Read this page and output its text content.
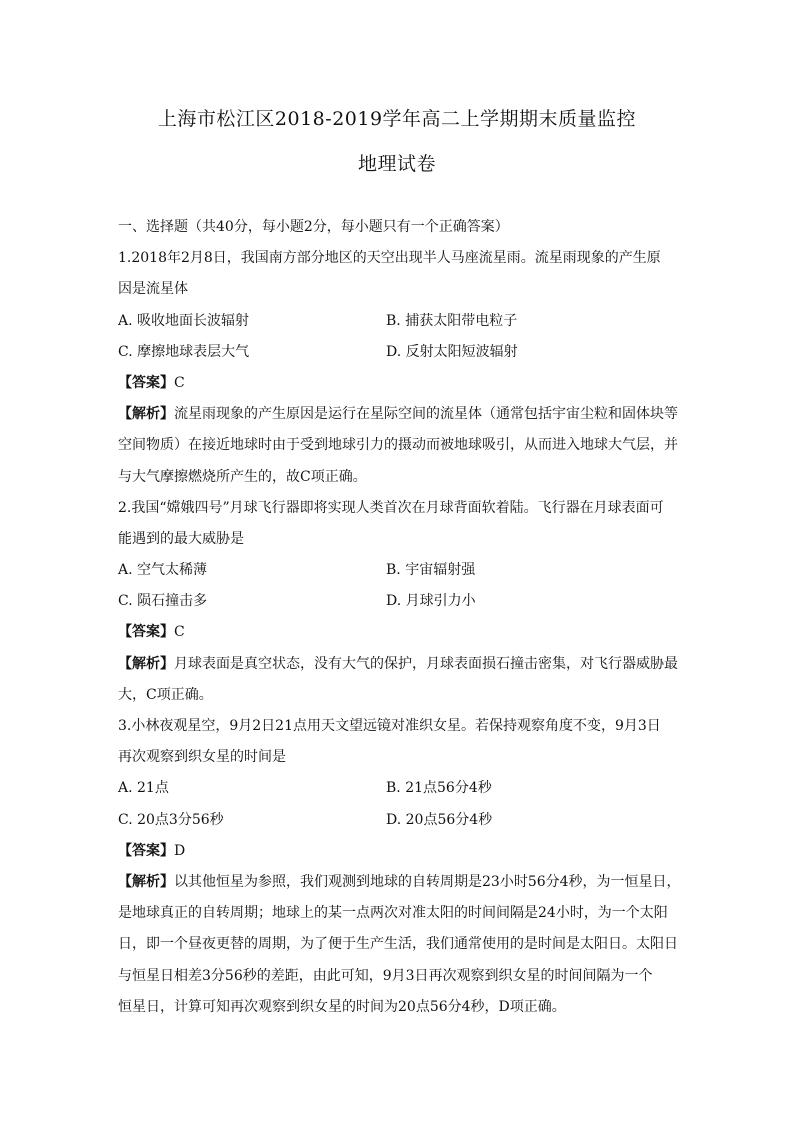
上海市松江区2018-2019学年高二上学期期末质量监控
地理试卷
一、选择题（共40分，每小题2分，每小题只有一个正确答案）
1.2018年2月8日，我国南方部分地区的天空出现半人马座流星雨。流星雨现象的产生原
因是流星体
A. 吸收地面长波辐射	B. 捕获太阳带电粒子
C. 摩擦地球表层大气	D. 反射太阳短波辐射
【答案】C
【解析】流星雨现象的产生原因是运行在星际空间的流星体（通常包括宇宙尘粒和固体块等
空间物质）在接近地球时由于受到地球引力的摄动而被地球吸引，从而进入地球大气层，并
与大气摩擦燃烧所产生的，故C项正确。
2.我国“嫦娥四号”月球飞行器即将实现人类首次在月球背面软着陆。飞行器在月球表面可
能遇到的最大威胁是
A. 空气太稀薄	B. 宇宙辐射强
C. 陨石撞击多	D. 月球引力小
【答案】C
【解析】月球表面是真空状态，没有大气的保护，月球表面损石撞击密集，对飞行器威胁最
大，C项正确。
3.小林夜观星空，9月2日21点用天文望远镜对准织女星。若保持观察角度不变，9月3日
再次观察到织女星的时间是
A. 21点	B. 21点56分4秒
C. 20点3分56秒	D. 20点56分4秒
【答案】D
【解析】以其他恒星为参照，我们观测到地球的自转周期是23小时56分4秒，为一恒星日，
是地球真正的自转周期；地球上的某一点两次对准太阳的时间间隔是24小时，为一个太阳
日，即一个昼夜更替的周期，为了便于生产生活，我们通常使用的是时间是太阳日。太阳日
与恒星日相差3分56秒的差距，由此可知，9月3日再次观察到织女星的时间间隔为一个
恒星日，计算可知再次观察到织女星的时间为20点56分4秒，D项正确。
